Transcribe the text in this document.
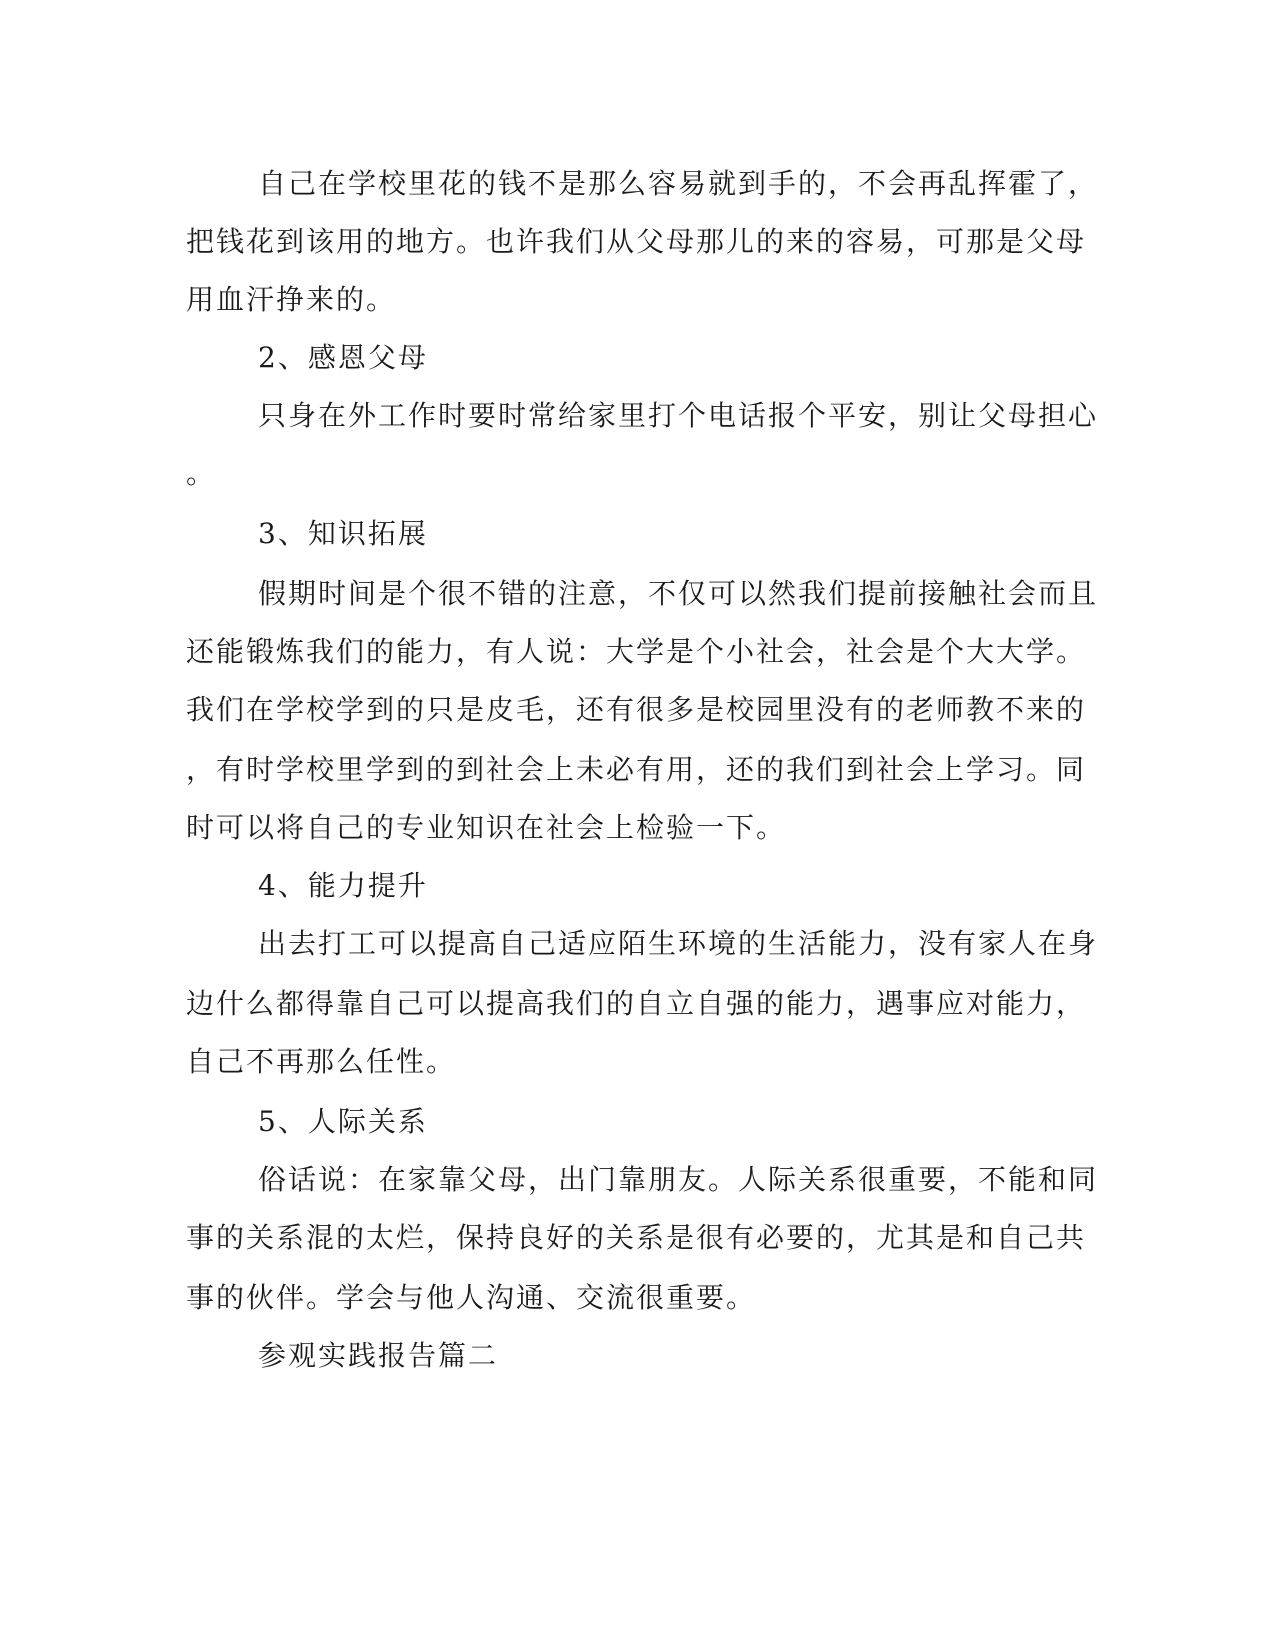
自己在学校里花的钱不是那么容易就到手的，不会再乱挥霍了，
把钱花到该用的地方。也许我们从父母那儿的来的容易，可那是父母
用血汗挣来的。
2、感恩父母
只身在外工作时要时常给家里打个电话报个平安，别让父母担心
。
3、知识拓展
假期时间是个很不错的注意，不仅可以然我们提前接触社会而且
还能锻炼我们的能力，有人说：大学是个小社会，社会是个大大学。
我们在学校学到的只是皮毛，还有很多是校园里没有的老师教不来的
，有时学校里学到的到社会上未必有用，还的我们到社会上学习。同
时可以将自己的专业知识在社会上检验一下。
4、能力提升
出去打工可以提高自己适应陌生环境的生活能力，没有家人在身
边什么都得靠自己可以提高我们的自立自强的能力，遇事应对能力，
自己不再那么任性。
5、人际关系
俗话说：在家靠父母，出门靠朋友。人际关系很重要，不能和同
事的关系混的太烂，保持良好的关系是很有必要的，尤其是和自己共
事的伙伴。学会与他人沟通、交流很重要。
参观实践报告篇二
